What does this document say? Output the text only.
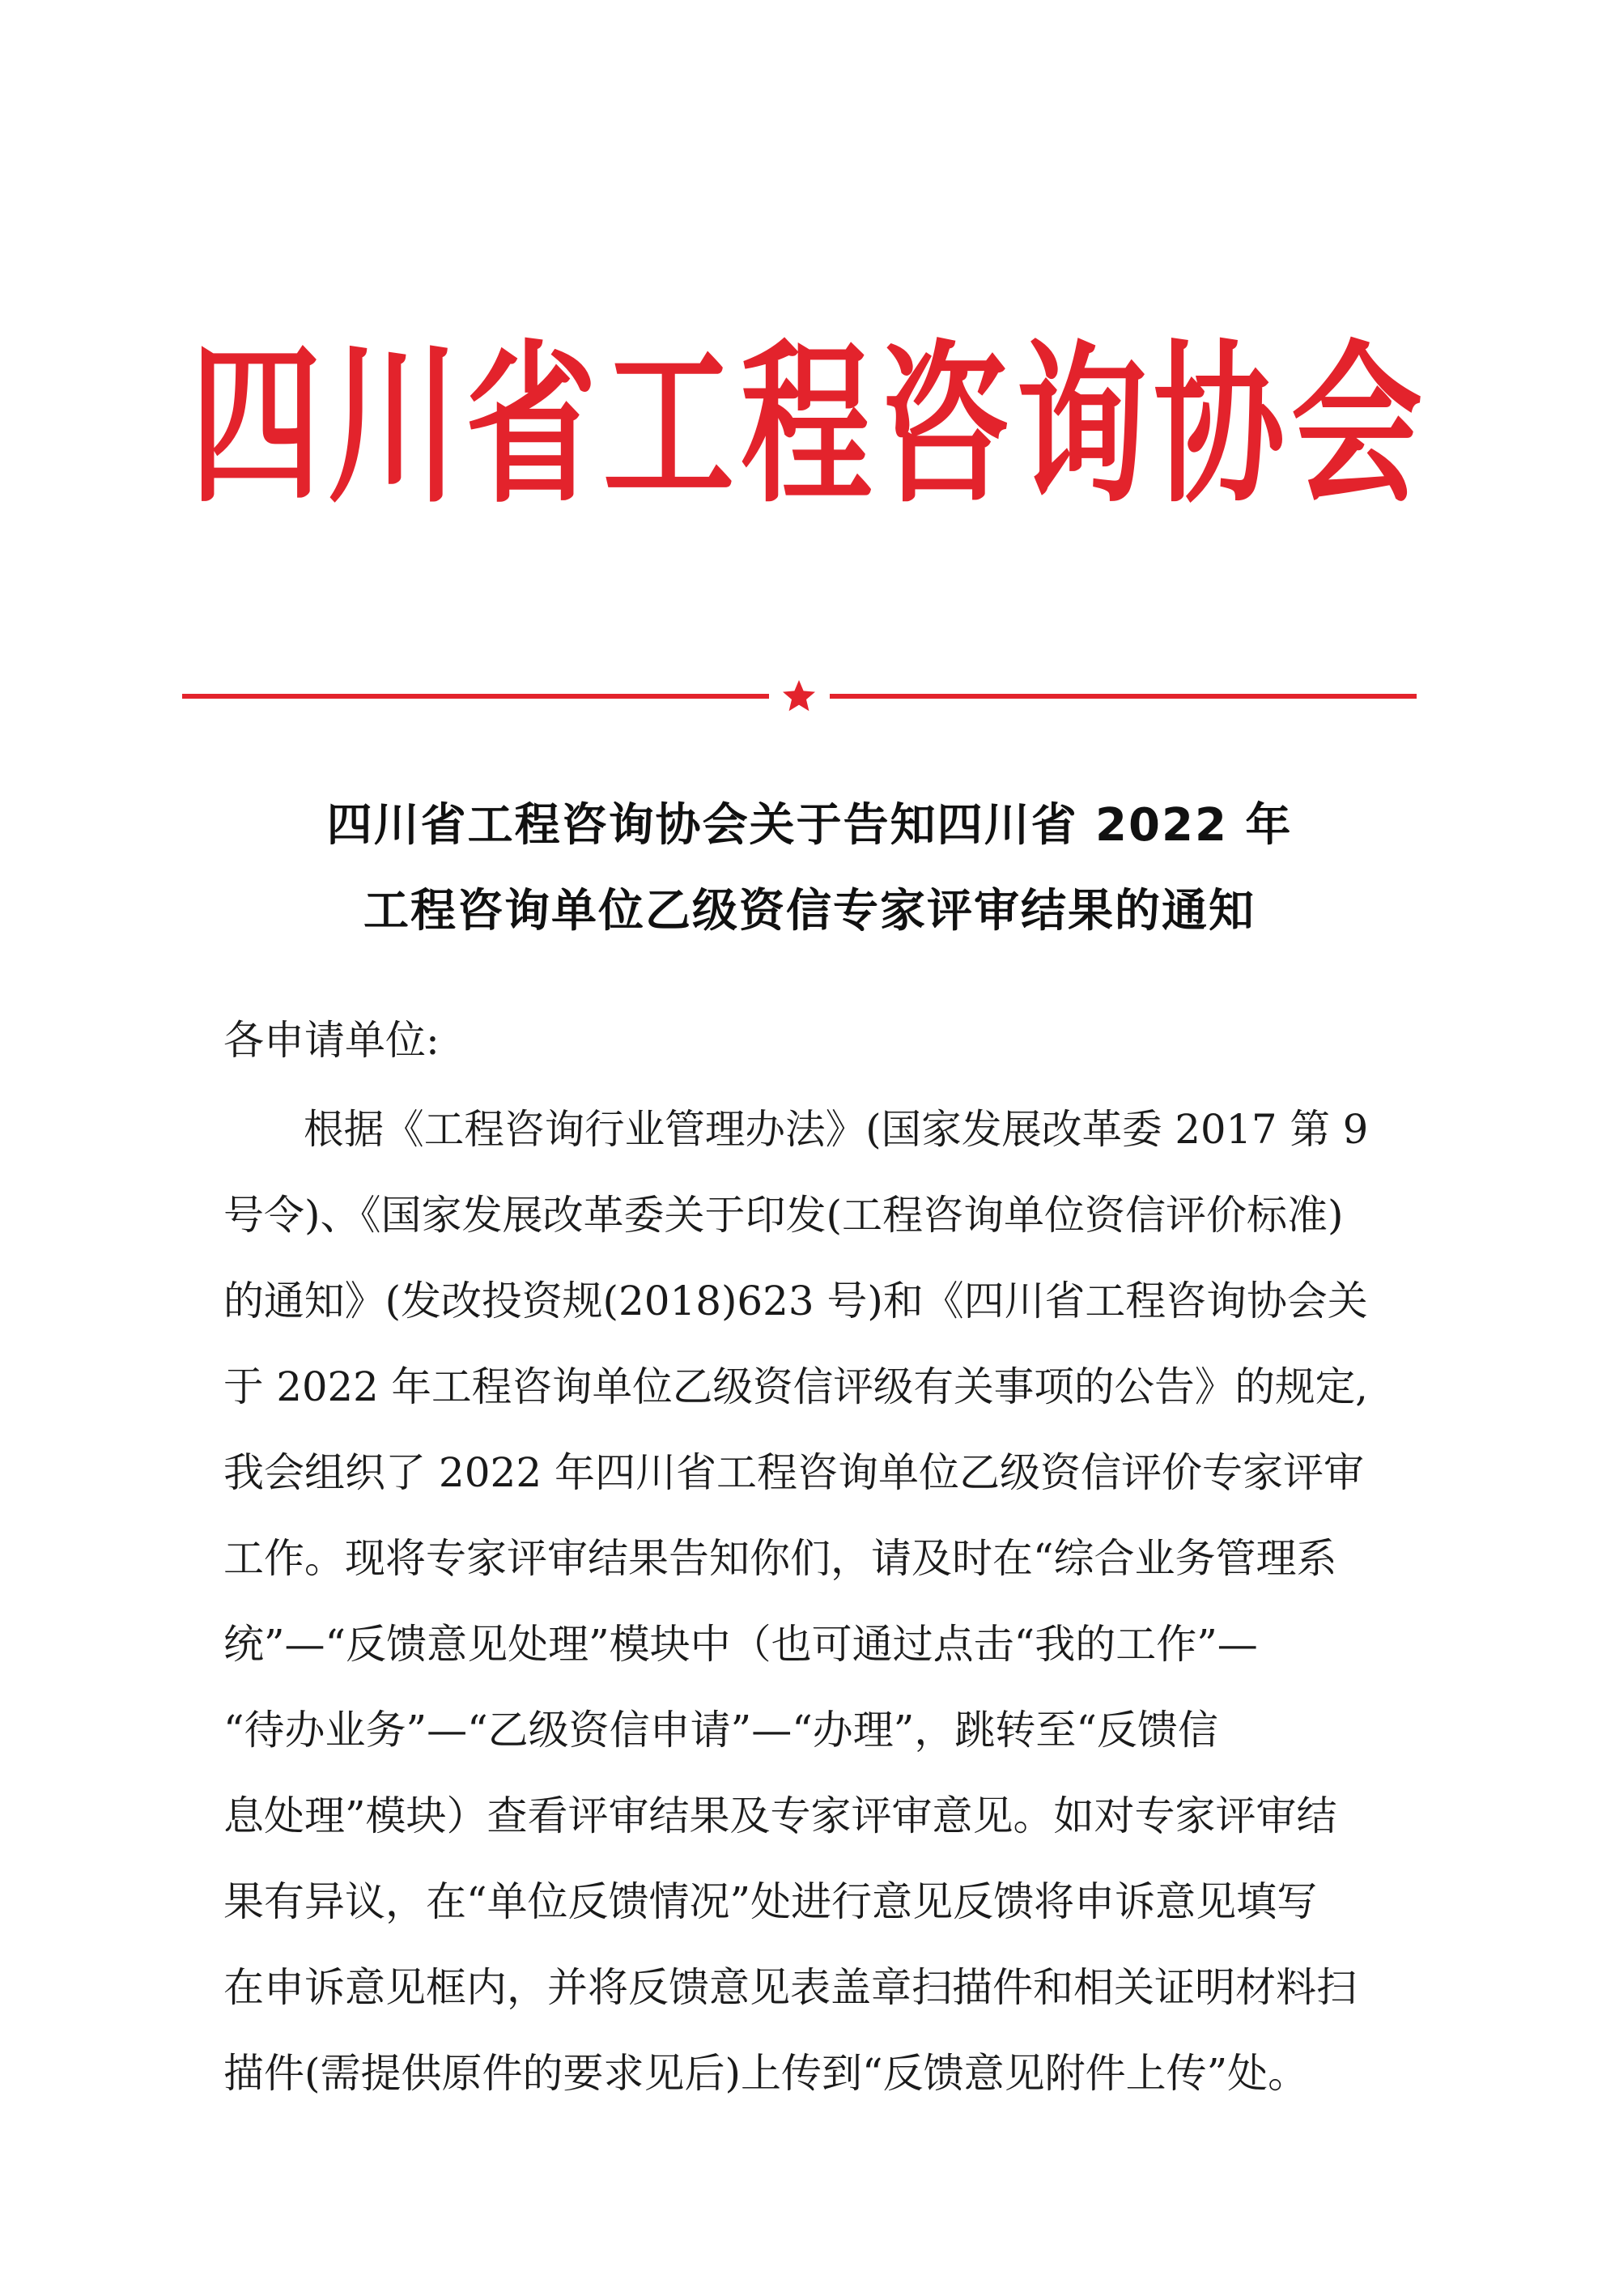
四川省工程咨询协会
四川省工程咨询协会关于告知四川省 2022 年
工程咨询单位乙级资信专家评审结果的通知
各申请单位:
根据《工程咨询行业管理办法》(国家发展改革委 2017 第 9
号令)、《国家发展改革委关于印发(工程咨询单位资信评价标准)
的通知》(发改投资规(2018)623 号)和《四川省工程咨询协会关
于 2022 年工程咨询单位乙级资信评级有关事项的公告》的规定,
我会组织了 2022 年四川省工程咨询单位乙级资信评价专家评审
工作。现将专家评审结果告知你们，请及时在“综合业务管理系
统”—“反馈意见处理”模块中（也可通过点击“我的工作”—
“待办业务”—“乙级资信申请”—“办理”，跳转至“反馈信
息处理”模块）查看评审结果及专家评审意见。如对专家评审结
果有异议，在“单位反馈情况”处进行意见反馈将申诉意见填写
在申诉意见框内，并将反馈意见表盖章扫描件和相关证明材料扫
描件(需提供原件的要求见后)上传到“反馈意见附件上传”处。
